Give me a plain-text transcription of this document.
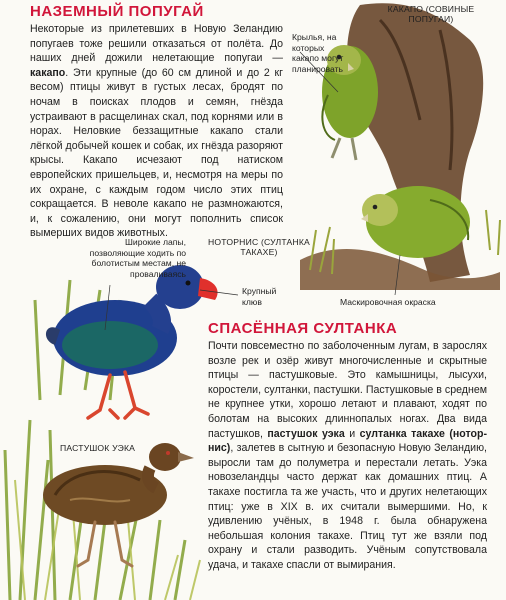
НАЗЕМНЫЙ ПОПУГАЙ
Некоторые из прилетевших в Новую Зеландию попугаев тоже решили отказаться от полёта. До наших дней дожили нелетающие попугаи — какапо. Эти крупные (до 60 см длиной и до 2 кг весом) птицы живут в густых лесах, бродят по ночам в поисках плодов и семян, гнёзда устраивают в расщелинах скал, под корнями или в норах. Неловкие беззащитные какапо стали лёгкой добычей кошек и собак, их гнёзда разоряют крысы. Какапо исчезают под натиском европейских пришельцев, и, несмотря на меры по их охране, с каждым годом число этих птиц сокращается. В неволе какапо не размножаются, и, к сожалению, они могут пополнить список вымерших видов животных.
КАКАПО (СОВИНЫЕ ПОПУГАИ)
Крылья, на которых какапо могут планировать
Маскировочная окраска
Широкие лапы, позволяющие ходить по болотистым местам, не проваливаясь
НОТОРНИС (СУЛТАНКА ТАКАХЕ)
Крупный клюв
ПАСТУШОК УЭКА
СПАСЁННАЯ СУЛТАНКА
Почти повсеместно по заболоченным лугам, в зарослях возле рек и озёр живут многочисленные и скрытные птицы — пастушковые. Это камышницы, лысухи, коростели, султанки, пастушки. Пастушковые в среднем не крупнее утки, хорошо летают и плавают, ходят по болотам на высоких длиннопалых ногах. Два вида пастушков, пастушок уэка и султанка такахе (ноторнис), залетев в сытную и безопасную Новую Зеландию, выросли там до полуметра и перестали летать. Уэка новозеландцы часто держат как домашних птиц. А такахе постигла та же участь, что и других нелетающих птиц: уже в XIX в. их считали вымершими. Но, к удивлению учёных, в 1948 г. была обнаружена небольшая колония такахе. Птиц тут же взяли под охрану и стали разводить. Учёным сопутствовала удача, и такахе спасли от вымирания.
